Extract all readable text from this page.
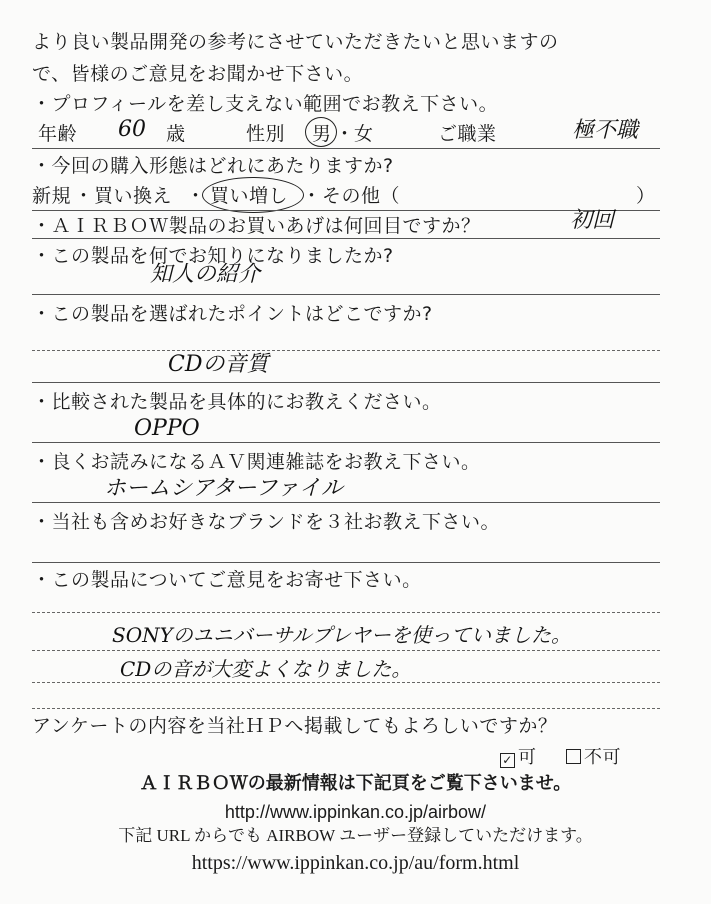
より良い製品開発の参考にさせていただきたいと思いますの
で、皆様のご意見をお聞かせ下さい。
・プロフィールを差し支えない範囲でお教え下さい。
年齢 60 歳	性別 男 ・ 女	ご職業	極不職
・今回の購入形態はどれにあたりますか?
新規 ・ 買い換え ・ 買い増し ・ その他（	）
・ＡＩＲＢＯＷ製品のお買いあげは何回目ですか？	初回
・この製品を何でお知りになりましたか?
知人の紹介
・この製品を選ばれたポイントはどこですか?
CDの音質
・比較された製品を具体的にお教えください。
OPPO
・良くお読みになるＡＶ関連雑誌をお教え下さい。
ホームシアターファイル
・当社も含めお好きなブランドを３社お教え下さい。
・この製品についてご意見をお寄せ下さい。
SONYのユニバーサルプレヤーを使っていました。
CDの音が大変よくなりました。
アンケートの内容を当社ＨＰへ掲載してもよろしいですか？
✓ 可	不可
ＡＩＲＢＯＷの最新情報は下記頁をご覧下さいませ。
http://www.ippinkan.co.jp/airbow/
下記 URL からでも AIRBOW ユーザー登録していただけます。
https://www.ippinkan.co.jp/au/form.html
